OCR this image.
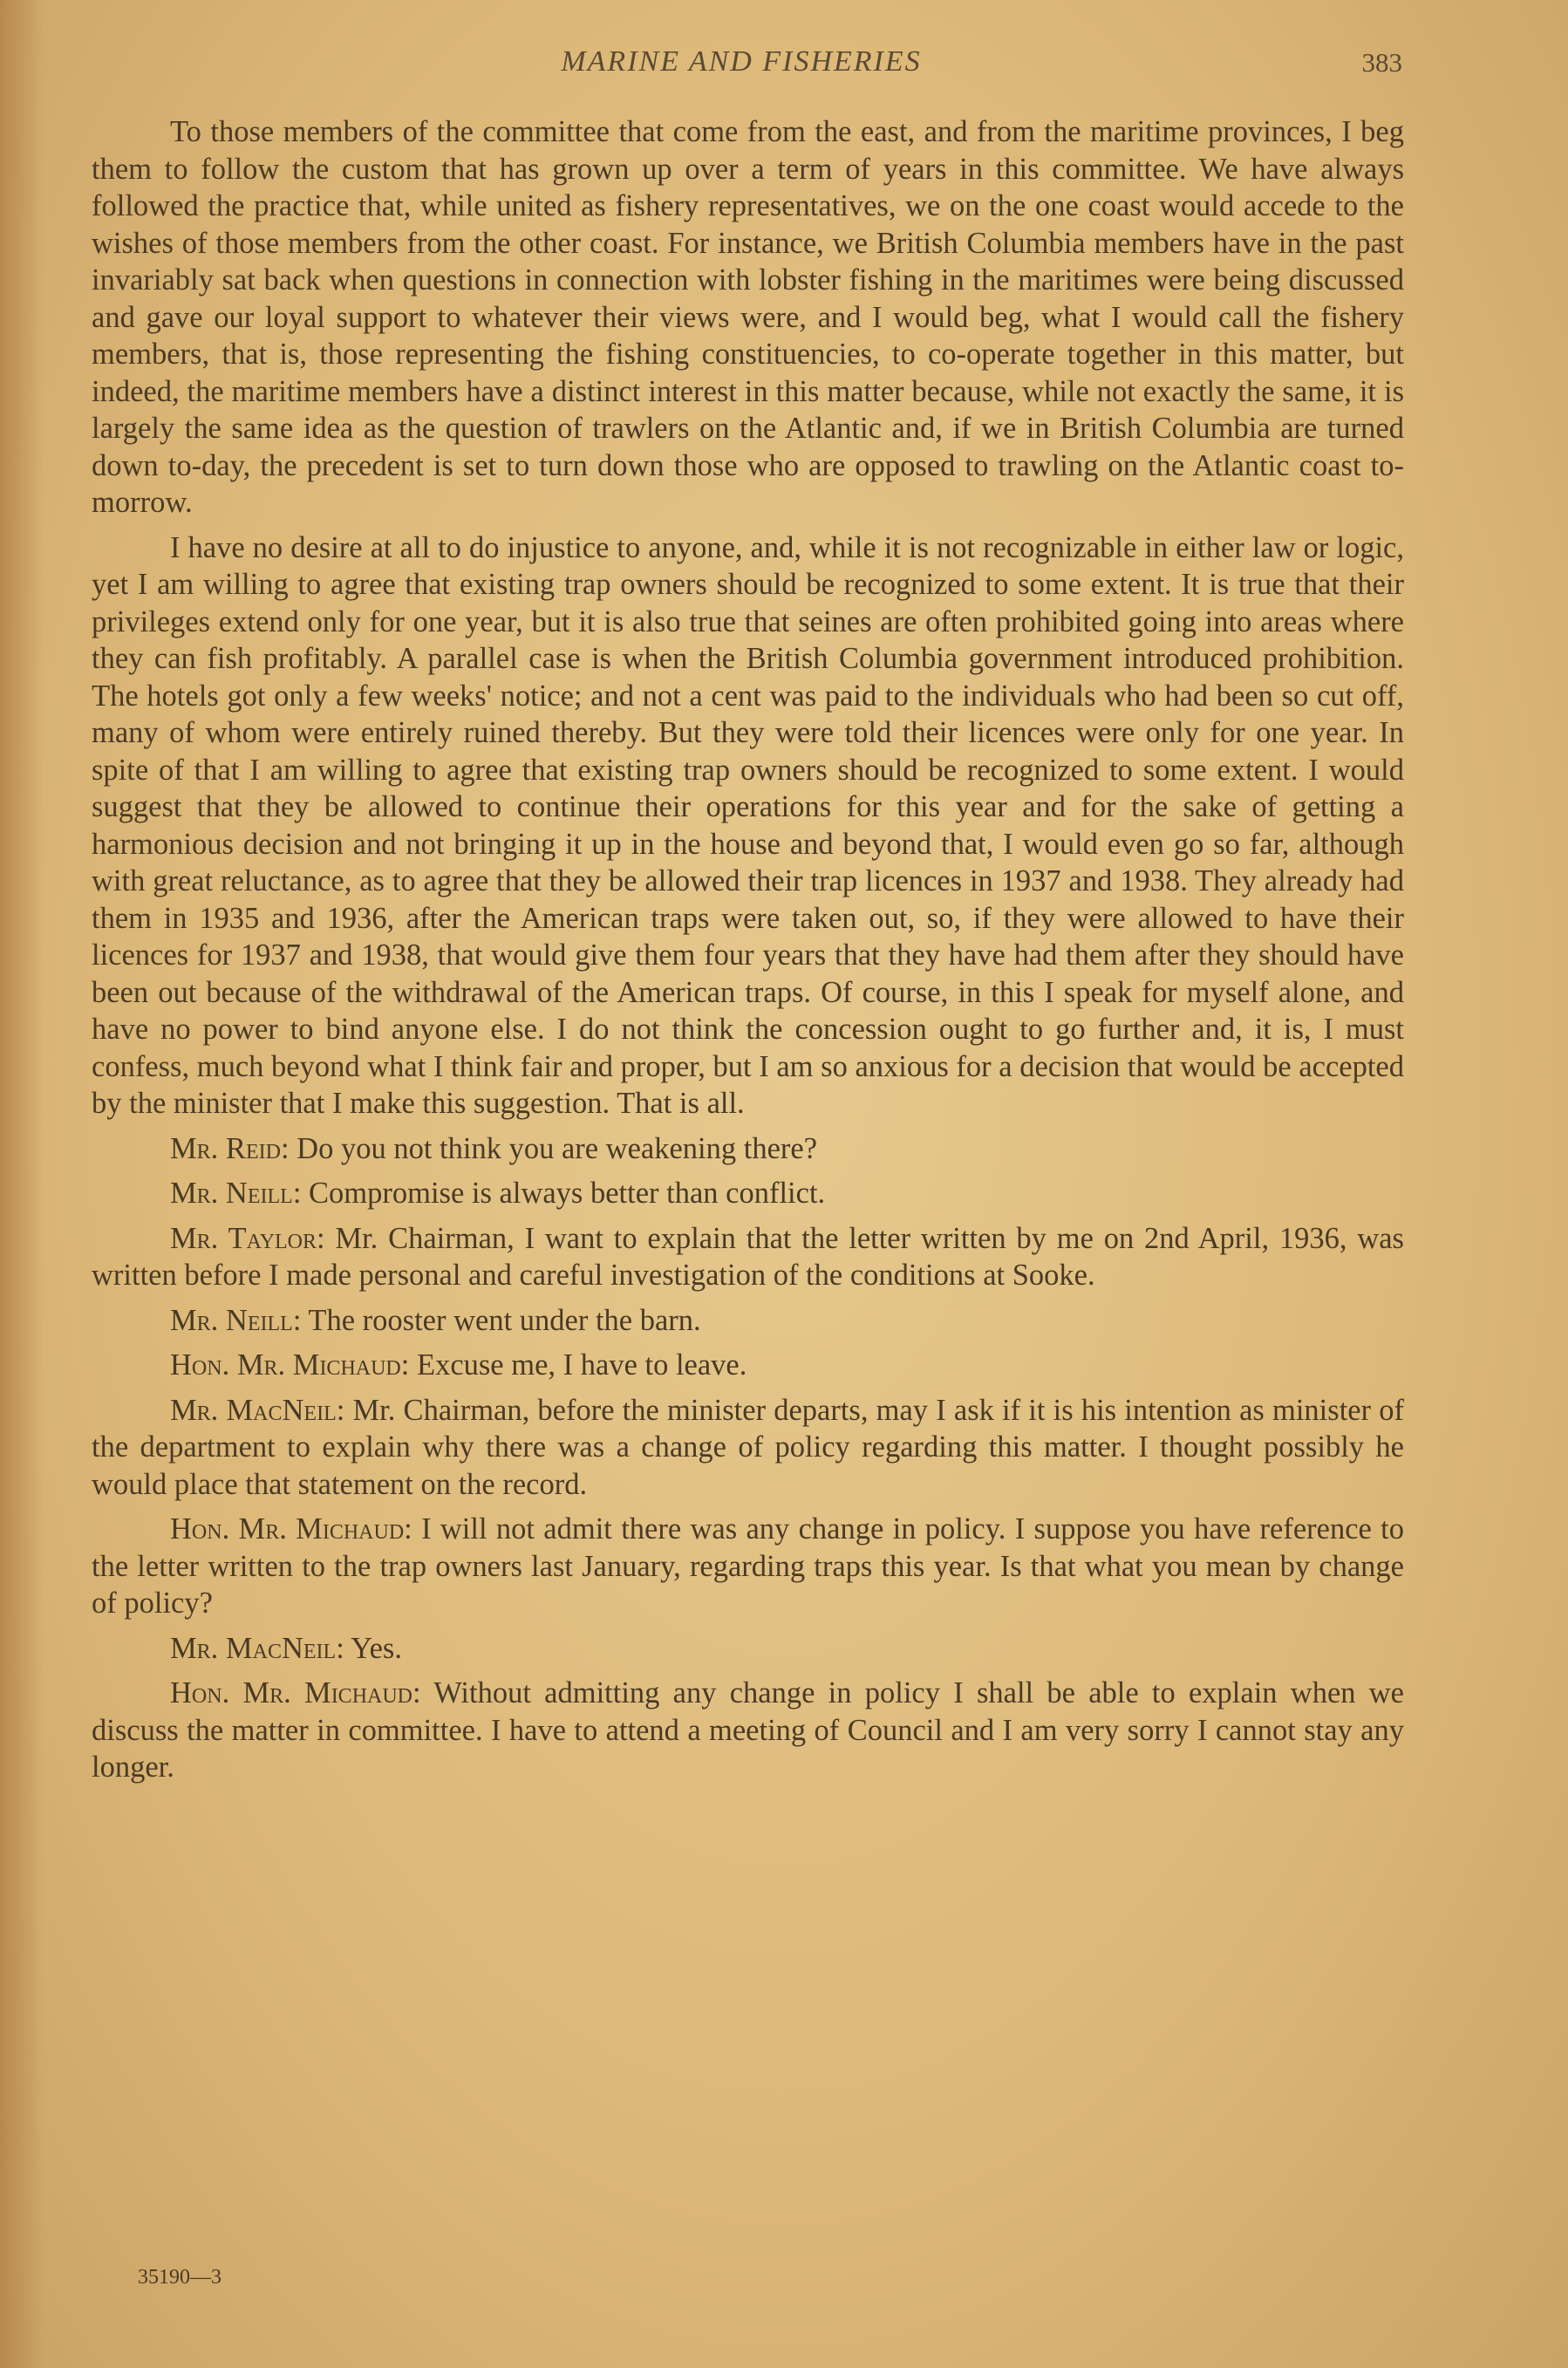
MARINE AND FISHERIES	383

To those members of the committee that come from the east, and from the maritime provinces, I beg them to follow the custom that has grown up over a term of years in this committee. We have always followed the practice that, while united as fishery representatives, we on the one coast would accede to the wishes of those members from the other coast. For instance, we British Columbia members have in the past invariably sat back when questions in connection with lobster fishing in the maritimes were being discussed and gave our loyal support to whatever their views were, and I would beg, what I would call the fishery members, that is, those representing the fishing constituencies, to co-operate together in this matter, but indeed, the maritime members have a distinct interest in this matter because, while not exactly the same, it is largely the same idea as the question of trawlers on the Atlantic and, if we in British Columbia are turned down to-day, the precedent is set to turn down those who are opposed to trawling on the Atlantic coast to-morrow.

I have no desire at all to do injustice to anyone, and, while it is not recognizable in either law or logic, yet I am willing to agree that existing trap owners should be recognized to some extent. It is true that their privileges extend only for one year, but it is also true that seines are often prohibited going into areas where they can fish profitably. A parallel case is when the British Columbia government introduced prohibition. The hotels got only a few weeks' notice; and not a cent was paid to the individuals who had been so cut off, many of whom were entirely ruined thereby. But they were told their licences were only for one year. In spite of that I am willing to agree that existing trap owners should be recognized to some extent. I would suggest that they be allowed to continue their operations for this year and for the sake of getting a harmonious decision and not bringing it up in the house and beyond that, I would even go so far, although with great reluctance, as to agree that they be allowed their trap licences in 1937 and 1938. They already had them in 1935 and 1936, after the American traps were taken out, so, if they were allowed to have their licences for 1937 and 1938, that would give them four years that they have had them after they should have been out because of the withdrawal of the American traps. Of course, in this I speak for myself alone, and have no power to bind anyone else. I do not think the concession ought to go further and, it is, I must confess, much beyond what I think fair and proper, but I am so anxious for a decision that would be accepted by the minister that I make this suggestion. That is all.

Mr. Reid: Do you not think you are weakening there?

Mr. Neill: Compromise is always better than conflict.

Mr. Taylor: Mr. Chairman, I want to explain that the letter written by me on 2nd April, 1936, was written before I made personal and careful investigation of the conditions at Sooke.

Mr. Neill: The rooster went under the barn.

Hon. Mr. Michaud: Excuse me, I have to leave.

Mr. MacNeil: Mr. Chairman, before the minister departs, may I ask if it is his intention as minister of the department to explain why there was a change of policy regarding this matter. I thought possibly he would place that statement on the record.

Hon. Mr. Michaud: I will not admit there was any change in policy. I suppose you have reference to the letter written to the trap owners last January, regarding traps this year. Is that what you mean by change of policy?

Mr. MacNeil: Yes.

Hon. Mr. Michaud: Without admitting any change in policy I shall be able to explain when we discuss the matter in committee. I have to attend a meeting of Council and I am very sorry I cannot stay any longer.

35190—3
